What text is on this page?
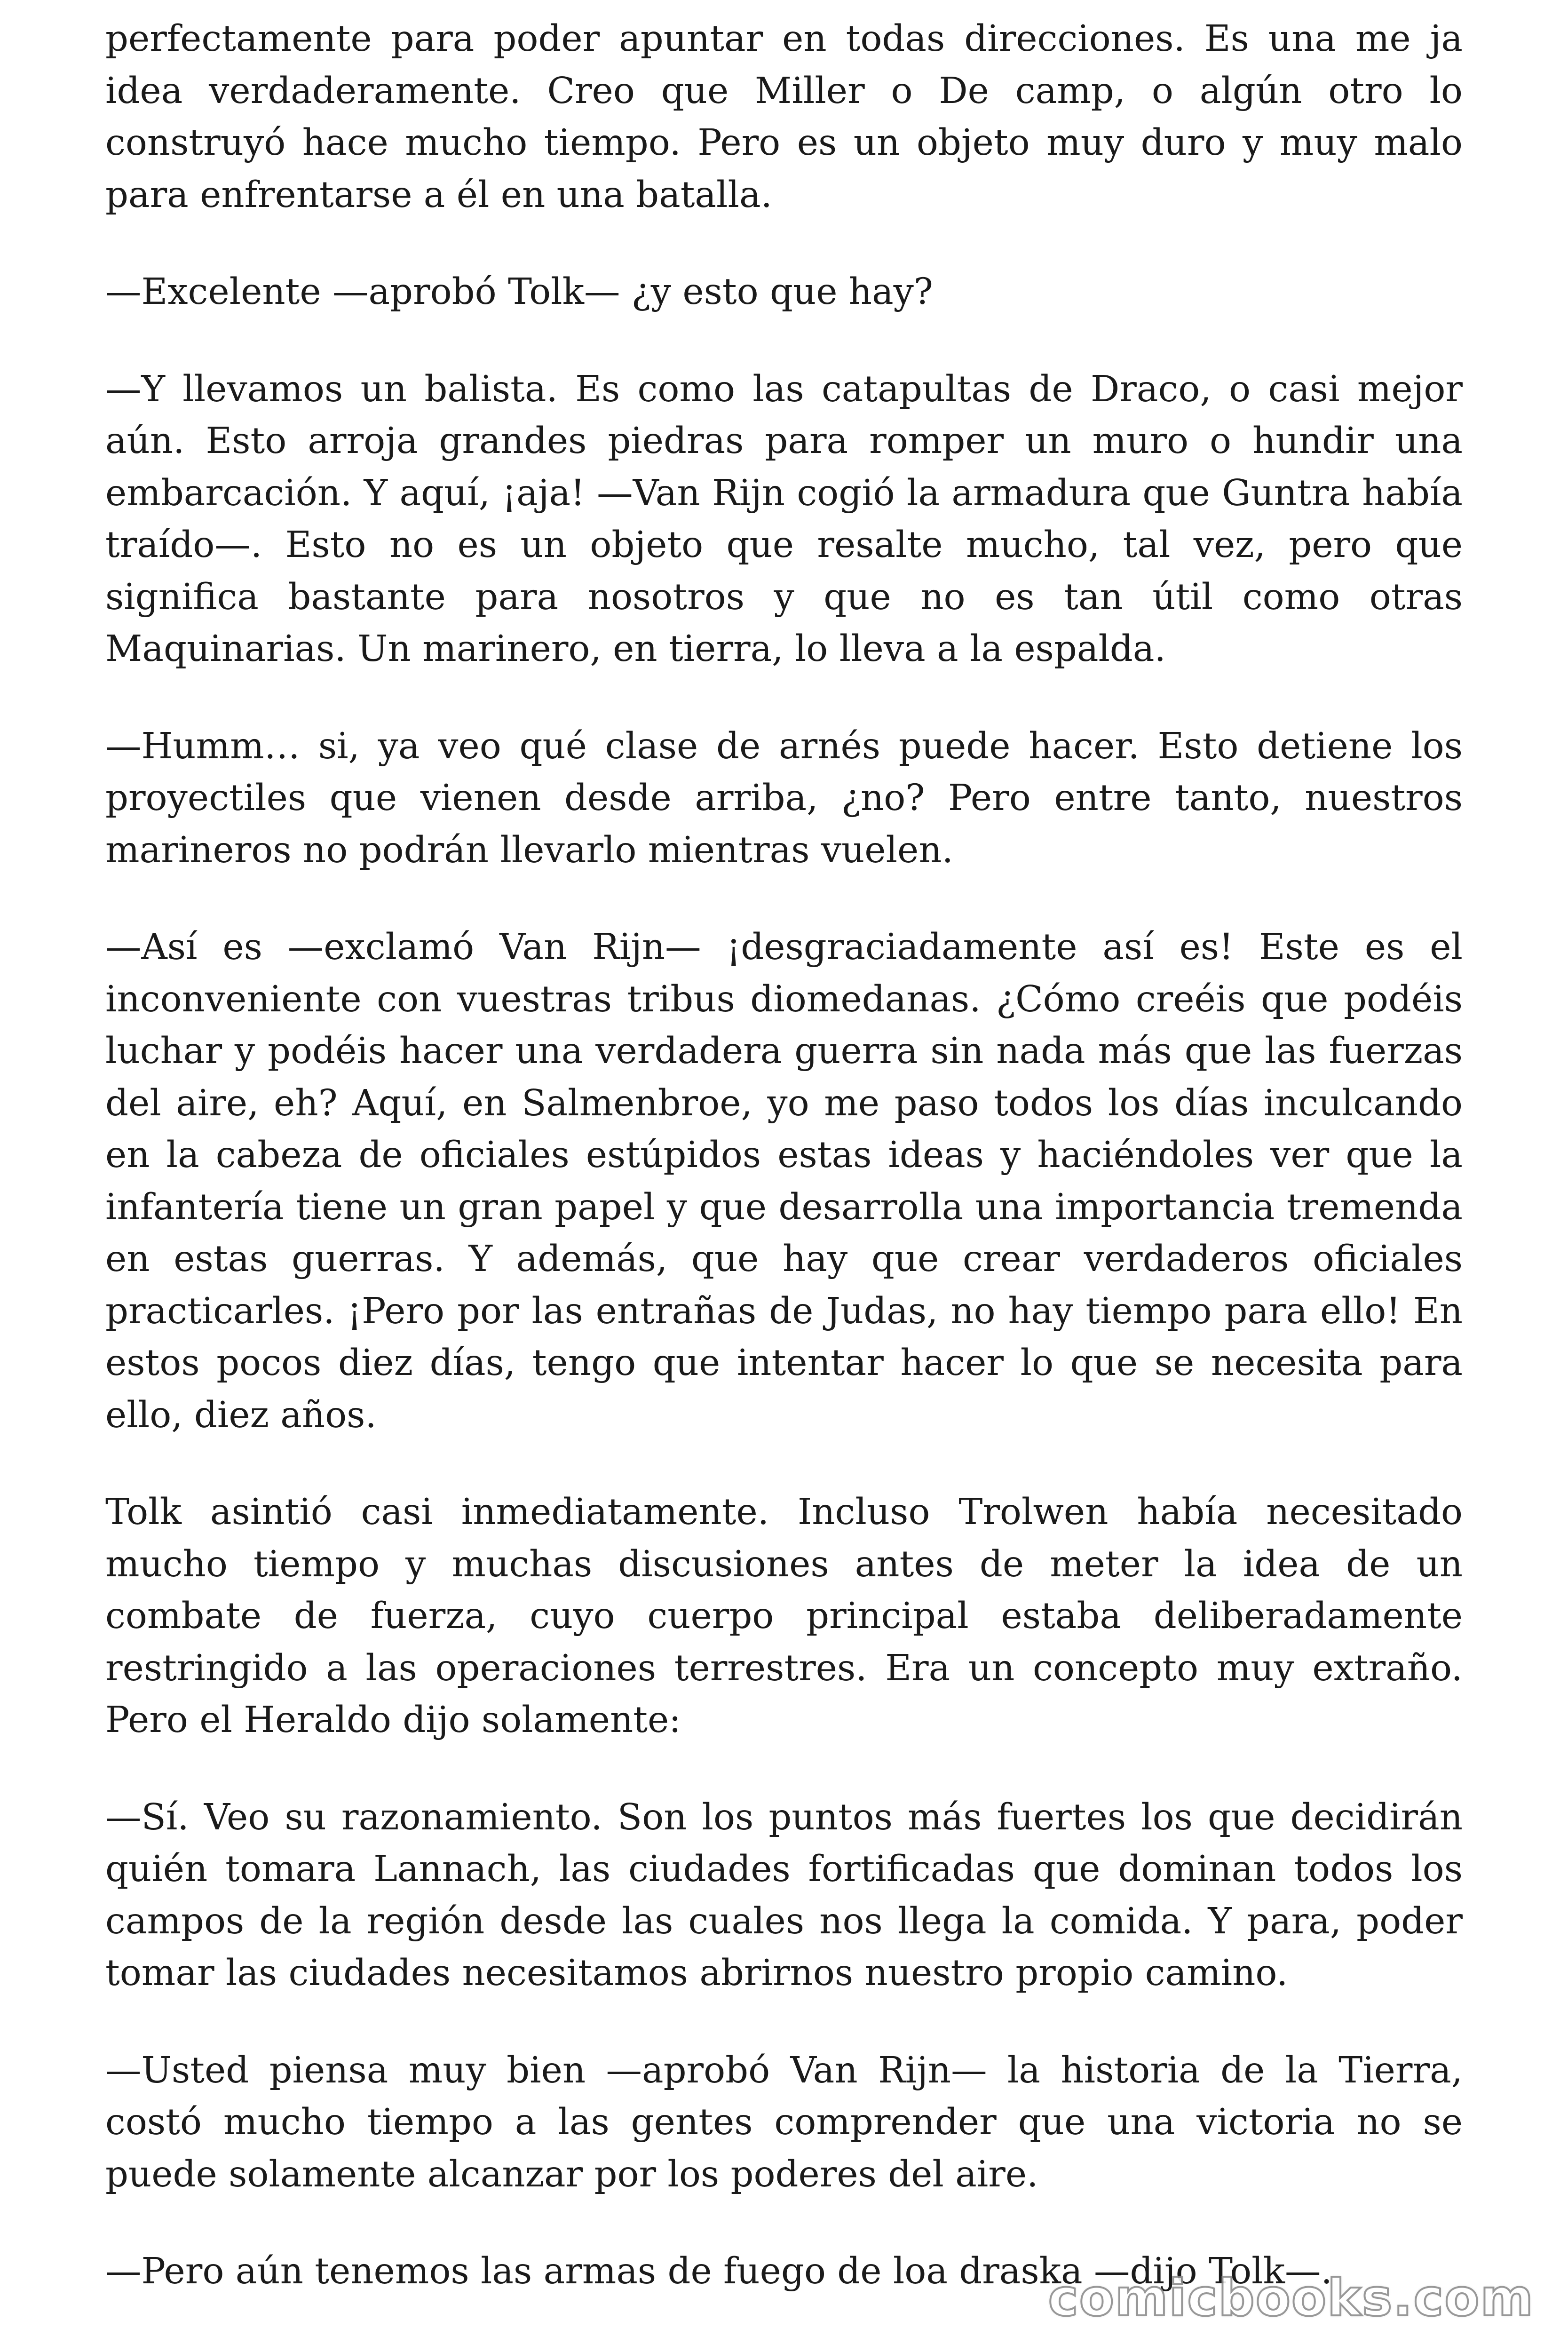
perfectamente para poder apuntar en todas direcciones. Es una me ja idea verdaderamente. Creo que Miller o De camp, o algún otro lo construyó hace mucho tiempo. Pero es un objeto muy duro y muy malo para enfrentarse a él en una batalla.

—Excelente —aprobó Tolk— ¿y esto que hay?

—Y llevamos un balista. Es como las catapultas de Draco, o casi mejor aún. Esto arroja grandes piedras para romper un muro o hundir una embarcación. Y aquí, ¡aja! —Van Rijn cogió la armadura que Guntra había traído—. Esto no es un objeto que resalte mucho, tal vez, pero que significa bastante para nosotros y que no es tan útil como otras Maquinarias. Un marinero, en tierra, lo lleva a la espalda.

—Humm… si, ya veo qué clase de arnés puede hacer. Esto detiene los proyectiles que vienen desde arriba, ¿no? Pero entre tanto, nuestros marineros no podrán llevarlo mientras vuelen.

—Así es —exclamó Van Rijn— ¡desgraciadamente así es! Este es el inconveniente con vuestras tribus diomedanas. ¿Cómo creéis que podéis luchar y podéis hacer una verdadera guerra sin nada más que las fuerzas del aire, eh? Aquí, en Salmenbroe, yo me paso todos los días inculcando en la cabeza de oficiales estúpidos estas ideas y haciéndoles ver que la infantería tiene un gran papel y que desarrolla una importancia tremenda en estas guerras. Y además, que hay que crear verdaderos oficiales practicarles. ¡Pero por las entrañas de Judas, no hay tiempo para ello! En estos pocos diez días, tengo que intentar hacer lo que se necesita para ello, diez años.

Tolk asintió casi inmediatamente. Incluso Trolwen había necesitado mucho tiempo y muchas discusiones antes de meter la idea de un combate de fuerza, cuyo cuerpo principal estaba deliberadamente restringido a las operaciones terrestres. Era un concepto muy extraño. Pero el Heraldo dijo solamente:

—Sí. Veo su razonamiento. Son los puntos más fuertes los que decidirán quién tomara Lannach, las ciudades fortificadas que dominan todos los campos de la región desde las cuales nos llega la comida. Y para, poder tomar las ciudades necesitamos abrirnos nuestro propio camino.

—Usted piensa muy bien —aprobó Van Rijn— la historia de la Tierra, costó mucho tiempo a las gentes comprender que una victoria no se puede solamente alcanzar por los poderes del aire.

—Pero aún tenemos las armas de fuego de loa draska —dijo Tolk—.

comicbooks.com
